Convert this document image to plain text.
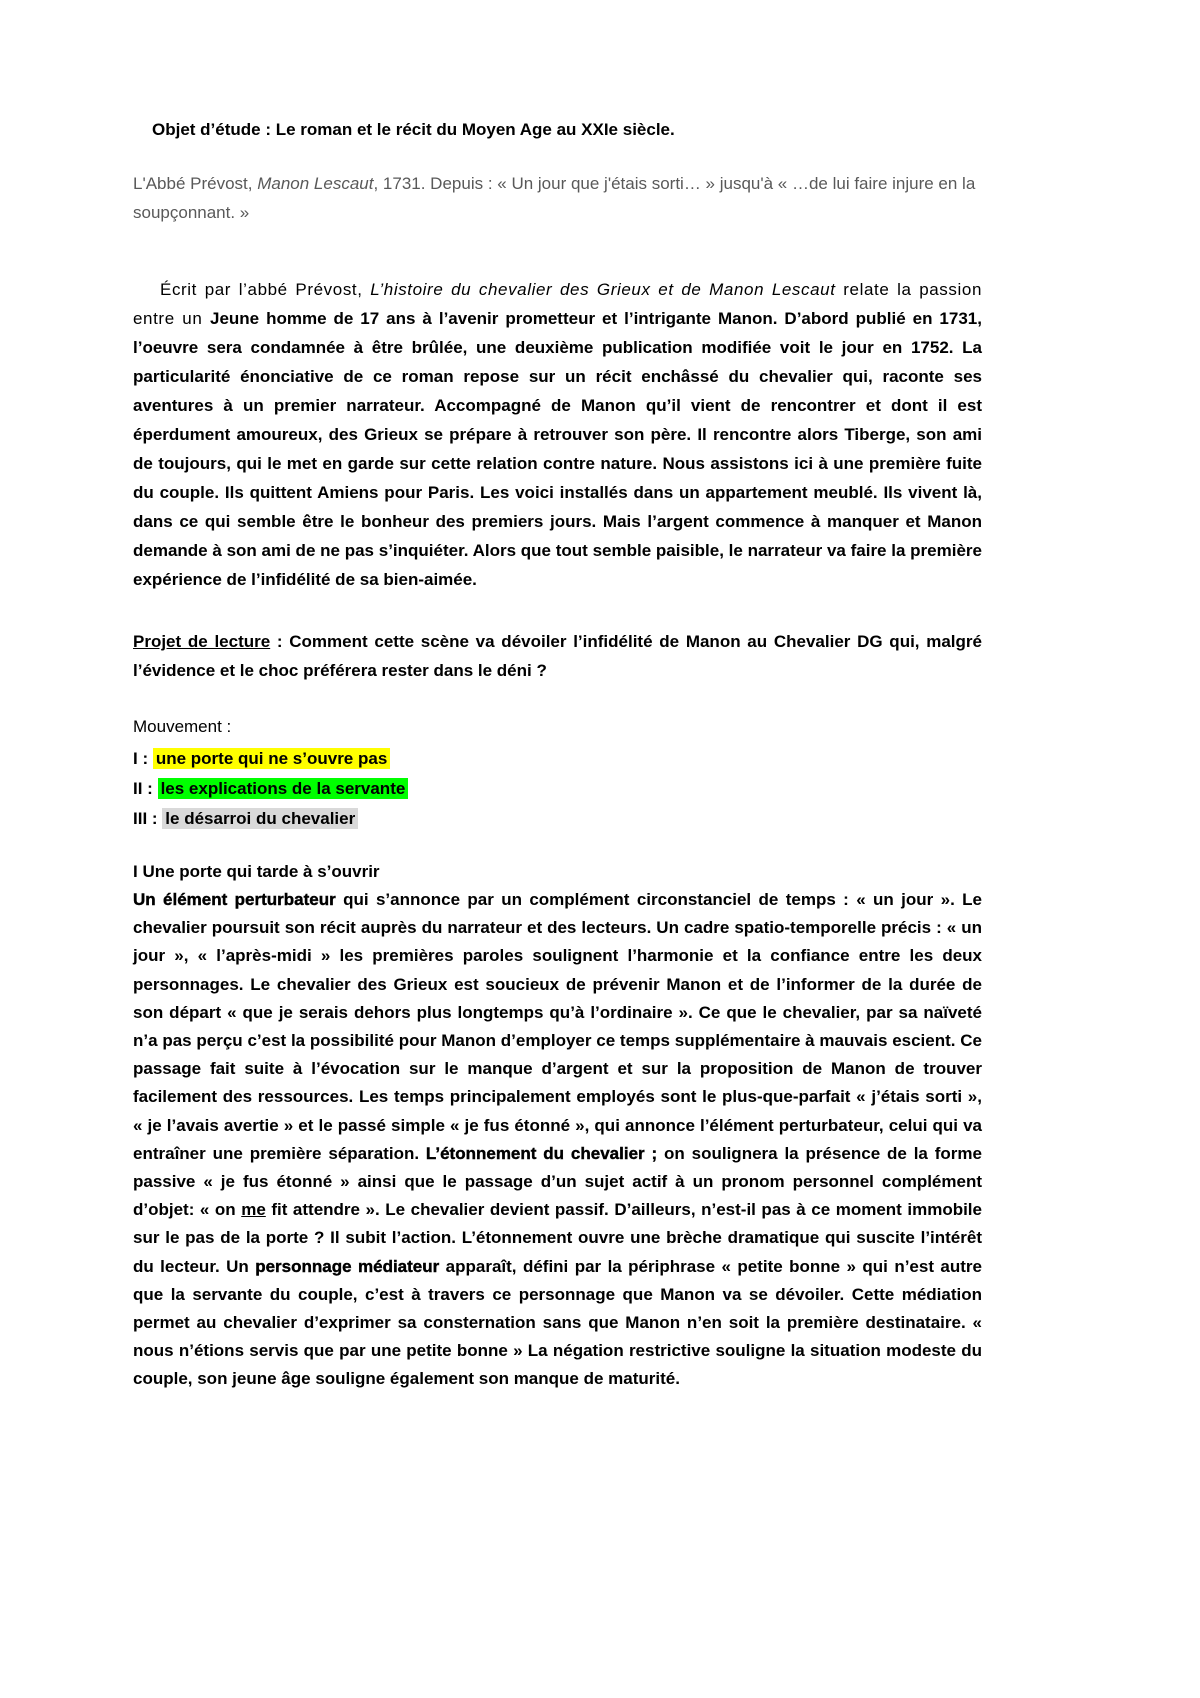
Objet d’étude : Le roman et le récit du Moyen Age au XXIe siècle.

L'Abbé Prévost, Manon Lescaut, 1731. Depuis : « Un jour que j'étais sorti… » jusqu'à « …de lui faire injure en la soupçonnant. »

Écrit par l’abbé Prévost, L’histoire du chevalier des Grieux et de Manon Lescaut relate la passion entre un Jeune homme de 17 ans à l’avenir prometteur et l’intrigante Manon. D’abord publié en 1731, l’oeuvre sera condamnée à être brûlée, une deuxième publication modifiée voit le jour en 1752. La particularité énonciative de ce roman repose sur un récit enchâssé du chevalier qui, raconte ses aventures à un premier narrateur. Accompagné de Manon qu’il vient de rencontrer et dont il est éperdument amoureux, des Grieux se prépare à retrouver son père. Il rencontre alors Tiberge, son ami de toujours, qui le met en garde sur cette relation contre nature. Nous assistons ici à une première fuite du couple. Ils quittent Amiens pour Paris. Les voici installés dans un appartement meublé. Ils vivent là, dans ce qui semble être le bonheur des premiers jours. Mais l’argent commence à manquer et Manon demande à son ami de ne pas s’inquiéter. Alors que tout semble paisible, le narrateur va faire la première expérience de l’infidélité de sa bien-aimée.

Projet de lecture : Comment cette scène va dévoiler l’infidélité de Manon au Chevalier DG qui, malgré l’évidence et le choc préférera rester dans le déni ?

Mouvement :
I : une porte qui ne s’ouvre pas
II : les explications de la servante
III : le désarroi du chevalier
I Une porte qui tarde à s’ouvrir

Un élément perturbateur qui s’annonce par un complément circonstanciel de temps : « un jour ». Le chevalier poursuit son récit auprès du narrateur et des lecteurs. Un cadre spatio-temporelle précis : « un jour », « l’après-midi » les premières paroles soulignent l’harmonie et la confiance entre les deux personnages. Le chevalier des Grieux est soucieux de prévenir Manon et de l’informer de la durée de son départ « que je serais dehors plus longtemps qu’à l’ordinaire ». Ce que le chevalier, par sa naïveté n’a pas perçu c’est la possibilité pour Manon d’employer ce temps supplémentaire à mauvais escient. Ce passage fait suite à l’évocation sur le manque d’argent et sur la proposition de Manon de trouver facilement des ressources. Les temps principalement employés sont le plus-que-parfait « j’étais sorti », « je l’avais avertie » et le passé simple « je fus étonné », qui annonce l’élément perturbateur, celui qui va entraîner une première séparation. L’étonnement du chevalier ; on soulignera la présence de la forme passive « je fus étonné » ainsi que le passage d’un sujet actif à un pronom personnel complément d’objet: « on me fit attendre ». Le chevalier devient passif. D’ailleurs, n’est-il pas à ce moment immobile sur le pas de la porte ? Il subit l’action. L’étonnement ouvre une brèche dramatique qui suscite l’intérêt du lecteur. Un personnage médiateur apparaît, défini par la périphrase « petite bonne » qui n’est autre que la servante du couple, c’est à travers ce personnage que Manon va se dévoiler. Cette médiation permet au chevalier d’exprimer sa consternation sans que Manon n’en soit la première destinataire. « nous n’étions servis que par une petite bonne » La négation restrictive souligne la situation modeste du couple, son jeune âge souligne également son manque de maturité.
